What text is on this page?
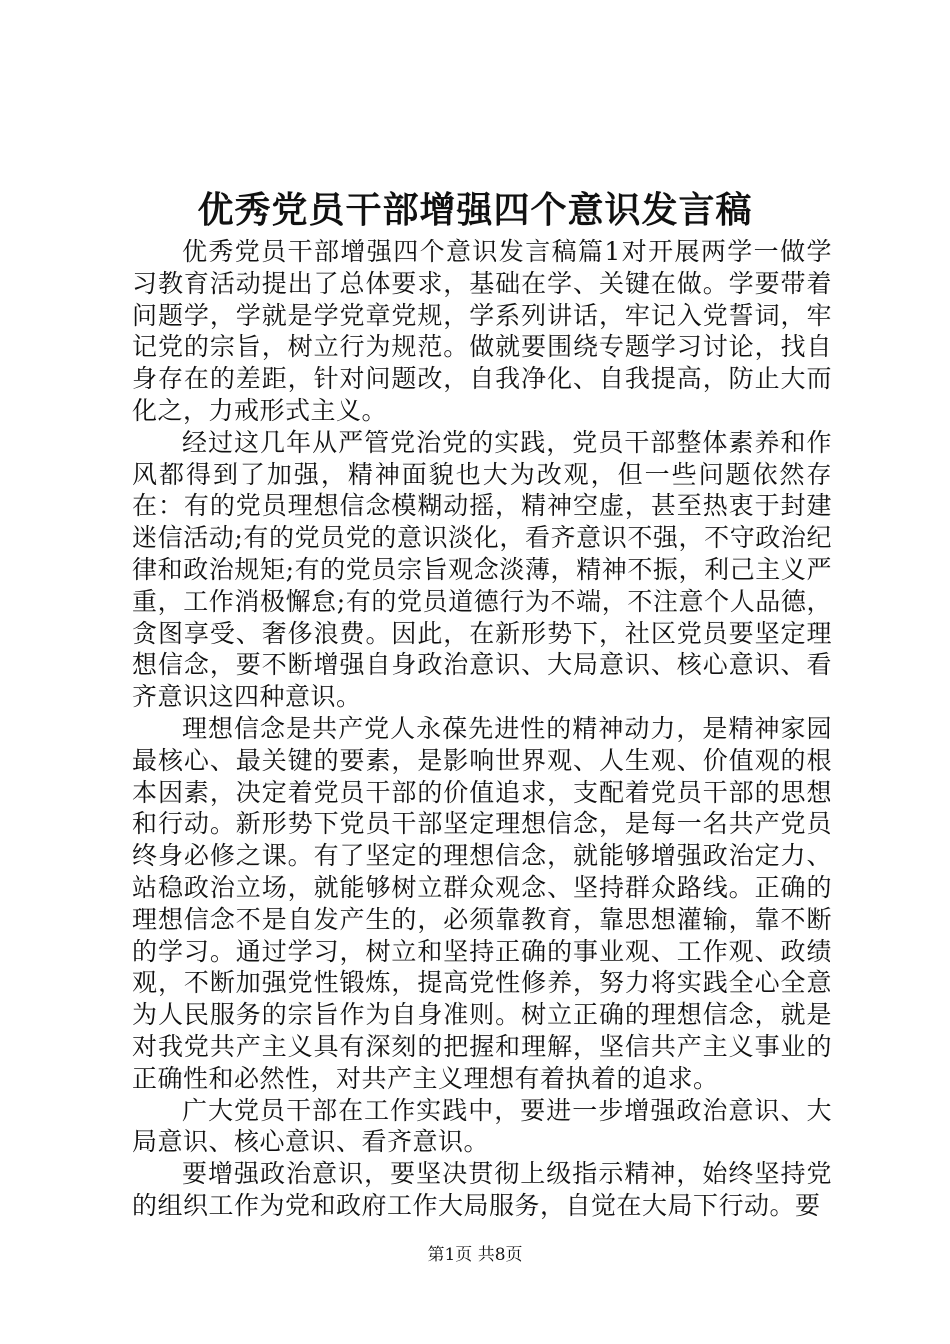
优秀党员干部增强四个意识发言稿

优秀党员干部增强四个意识发言稿篇1对开展两学一做学习教育活动提出了总体要求，基础在学、关键在做。学要带着问题学，学就是学党章党规，学系列讲话，牢记入党誓词，牢记党的宗旨，树立行为规范。做就要围绕专题学习讨论，找自身存在的差距，针对问题改，自我净化、自我提高，防止大而化之，力戒形式主义。

经过这几年从严管党治党的实践，党员干部整体素养和作风都得到了加强，精神面貌也大为改观，但一些问题依然存在：有的党员理想信念模糊动摇，精神空虚，甚至热衷于封建迷信活动;有的党员党的意识淡化，看齐意识不强，不守政治纪律和政治规矩;有的党员宗旨观念淡薄，精神不振，利己主义严重，工作消极懈怠;有的党员道德行为不端，不注意个人品德，贪图享受、奢侈浪费。因此，在新形势下，社区党员要坚定理想信念，要不断增强自身政治意识、大局意识、核心意识、看齐意识这四种意识。

理想信念是共产党人永葆先进性的精神动力，是精神家园最核心、最关键的要素，是影响世界观、人生观、价值观的根本因素，决定着党员干部的价值追求，支配着党员干部的思想和行动。新形势下党员干部坚定理想信念，是每一名共产党员终身必修之课。有了坚定的理想信念，就能够增强政治定力、站稳政治立场，就能够树立群众观念、坚持群众路线。正确的理想信念不是自发产生的，必须靠教育，靠思想灌输，靠不断的学习。通过学习，树立和坚持正确的事业观、工作观、政绩观，不断加强党性锻炼，提高党性修养，努力将实践全心全意为人民服务的宗旨作为自身准则。树立正确的理想信念，就是对我党共产主义具有深刻的把握和理解，坚信共产主义事业的正确性和必然性，对共产主义理想有着执着的追求。

广大党员干部在工作实践中，要进一步增强政治意识、大局意识、核心意识、看齐意识。

要增强政治意识，要坚决贯彻上级指示精神，始终坚持党的组织工作为党和政府工作大局服务，自觉在大局下行动。要

第1页 共8页
